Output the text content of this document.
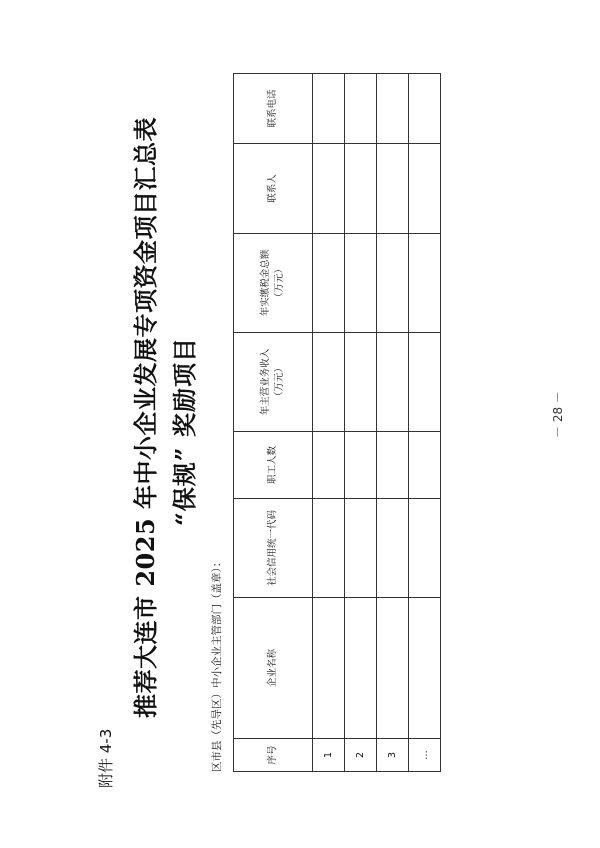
附件 4-3
推荐大连市 2025 年中小企业发展专项资金项目汇总表 “保规” 奖励项目
区市县（先导区）中小企业主管部门（盖章）：	序号	企业名称	社会信用统一代码	职工人数	年主营业务收入 （万元）	年实缴税金总额 （万元）	联系人	联系电话
1							
2							
3							
…							
－ 28 －
